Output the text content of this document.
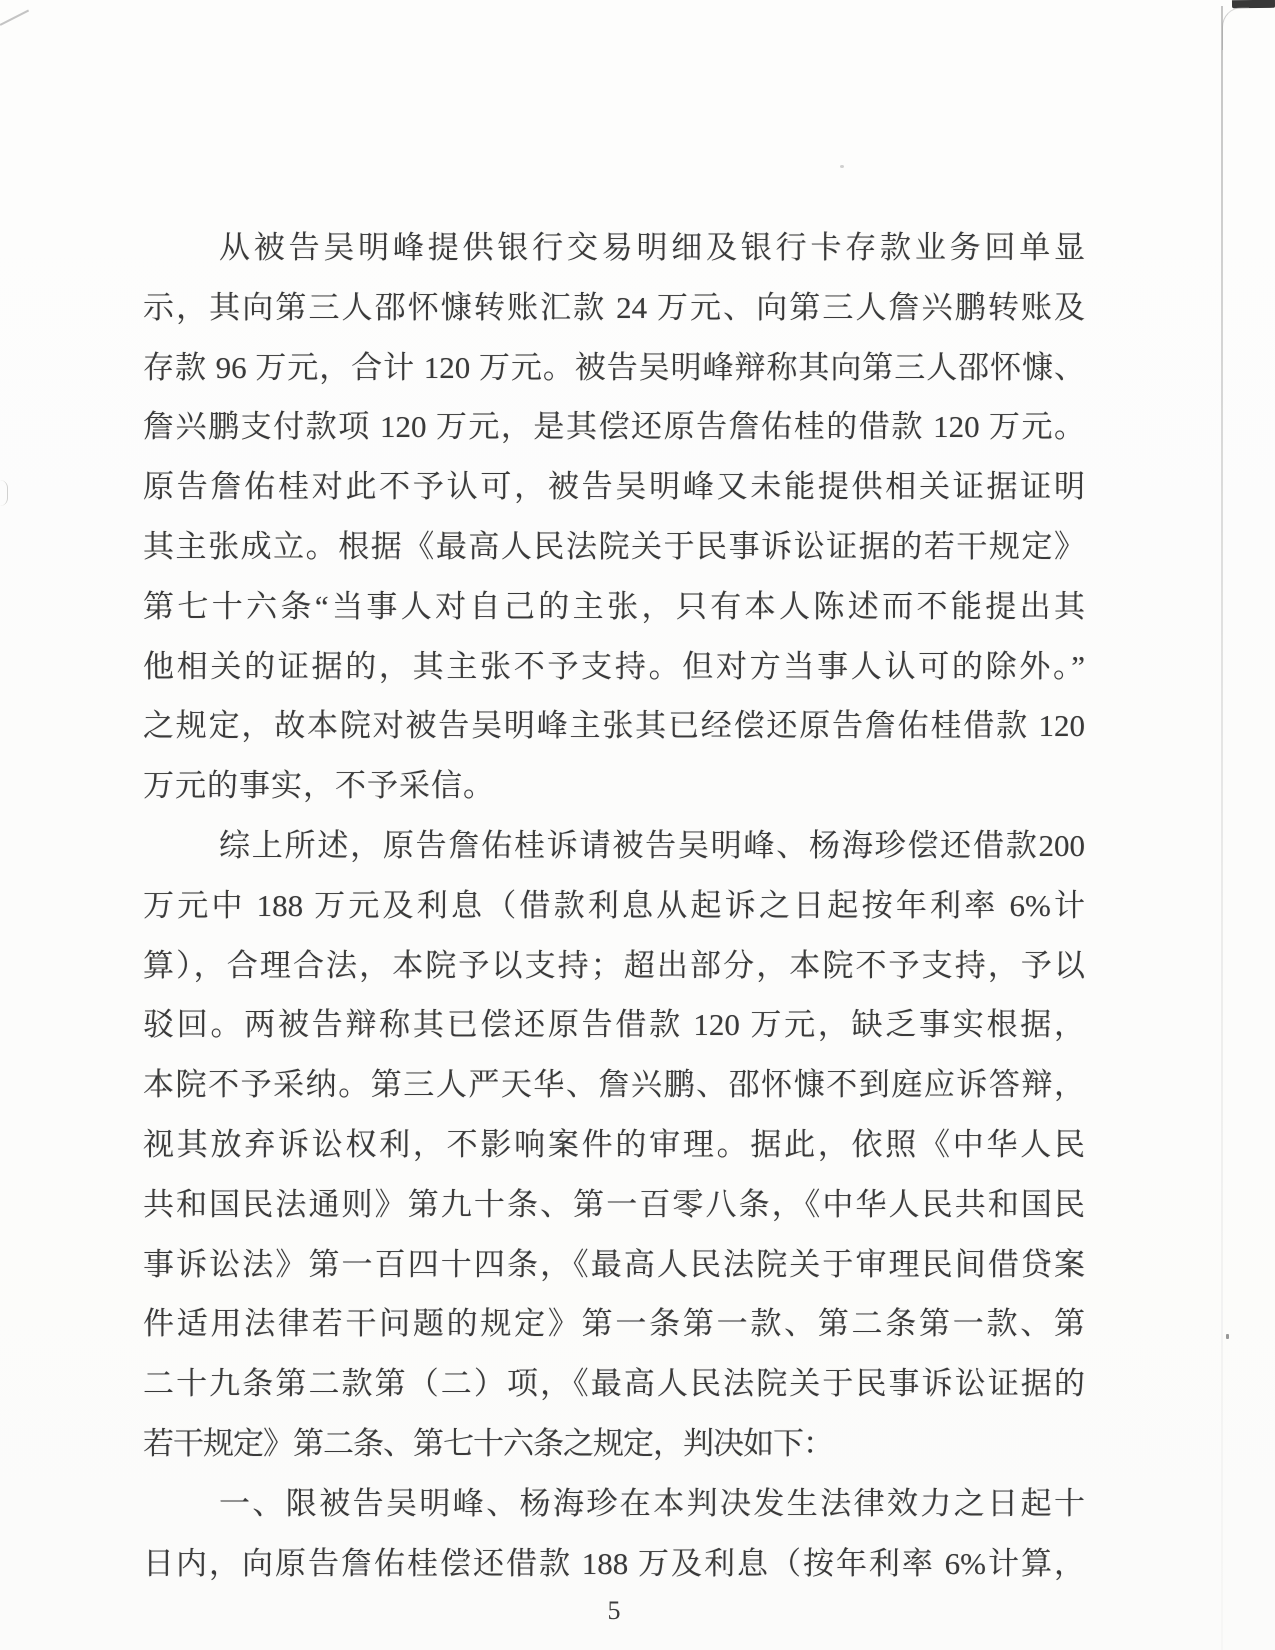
从被告吴明峰提供银行交易明细及银行卡存款业务回单显
示，其向第三人邵怀慷转账汇款 24 万元、向第三人詹兴鹏转账及
存款 96 万元，合计 120 万元。被告吴明峰辩称其向第三人邵怀慷、
詹兴鹏支付款项 120 万元，是其偿还原告詹佑桂的借款 120 万元。
原告詹佑桂对此不予认可，被告吴明峰又未能提供相关证据证明
其主张成立。根据《最高人民法院关于民事诉讼证据的若干规定》
第七十六条“当事人对自己的主张，只有本人陈述而不能提出其
他相关的证据的，其主张不予支持。但对方当事人认可的除外。”
之规定，故本院对被告吴明峰主张其已经偿还原告詹佑桂借款 120
万元的事实，不予采信。
综上所述，原告詹佑桂诉请被告吴明峰、杨海珍偿还借款200
万元中 188 万元及利息（借款利息从起诉之日起按年利率 6%计
算），合理合法，本院予以支持；超出部分，本院不予支持，予以
驳回。两被告辩称其已偿还原告借款 120 万元，缺乏事实根据，
本院不予采纳。第三人严天华、詹兴鹏、邵怀慷不到庭应诉答辩，
视其放弃诉讼权利，不影响案件的审理。据此，依照《中华人民
共和国民法通则》第九十条、第一百零八条，《中华人民共和国民
事诉讼法》第一百四十四条，《最高人民法院关于审理民间借贷案
件适用法律若干问题的规定》第一条第一款、第二条第一款、第
二十九条第二款第（二）项，《最高人民法院关于民事诉讼证据的
若干规定》第二条、第七十六条之规定，判决如下：
一、限被告吴明峰、杨海珍在本判决发生法律效力之日起十
日内，向原告詹佑桂偿还借款 188 万及利息（按年利率 6%计算，
5
